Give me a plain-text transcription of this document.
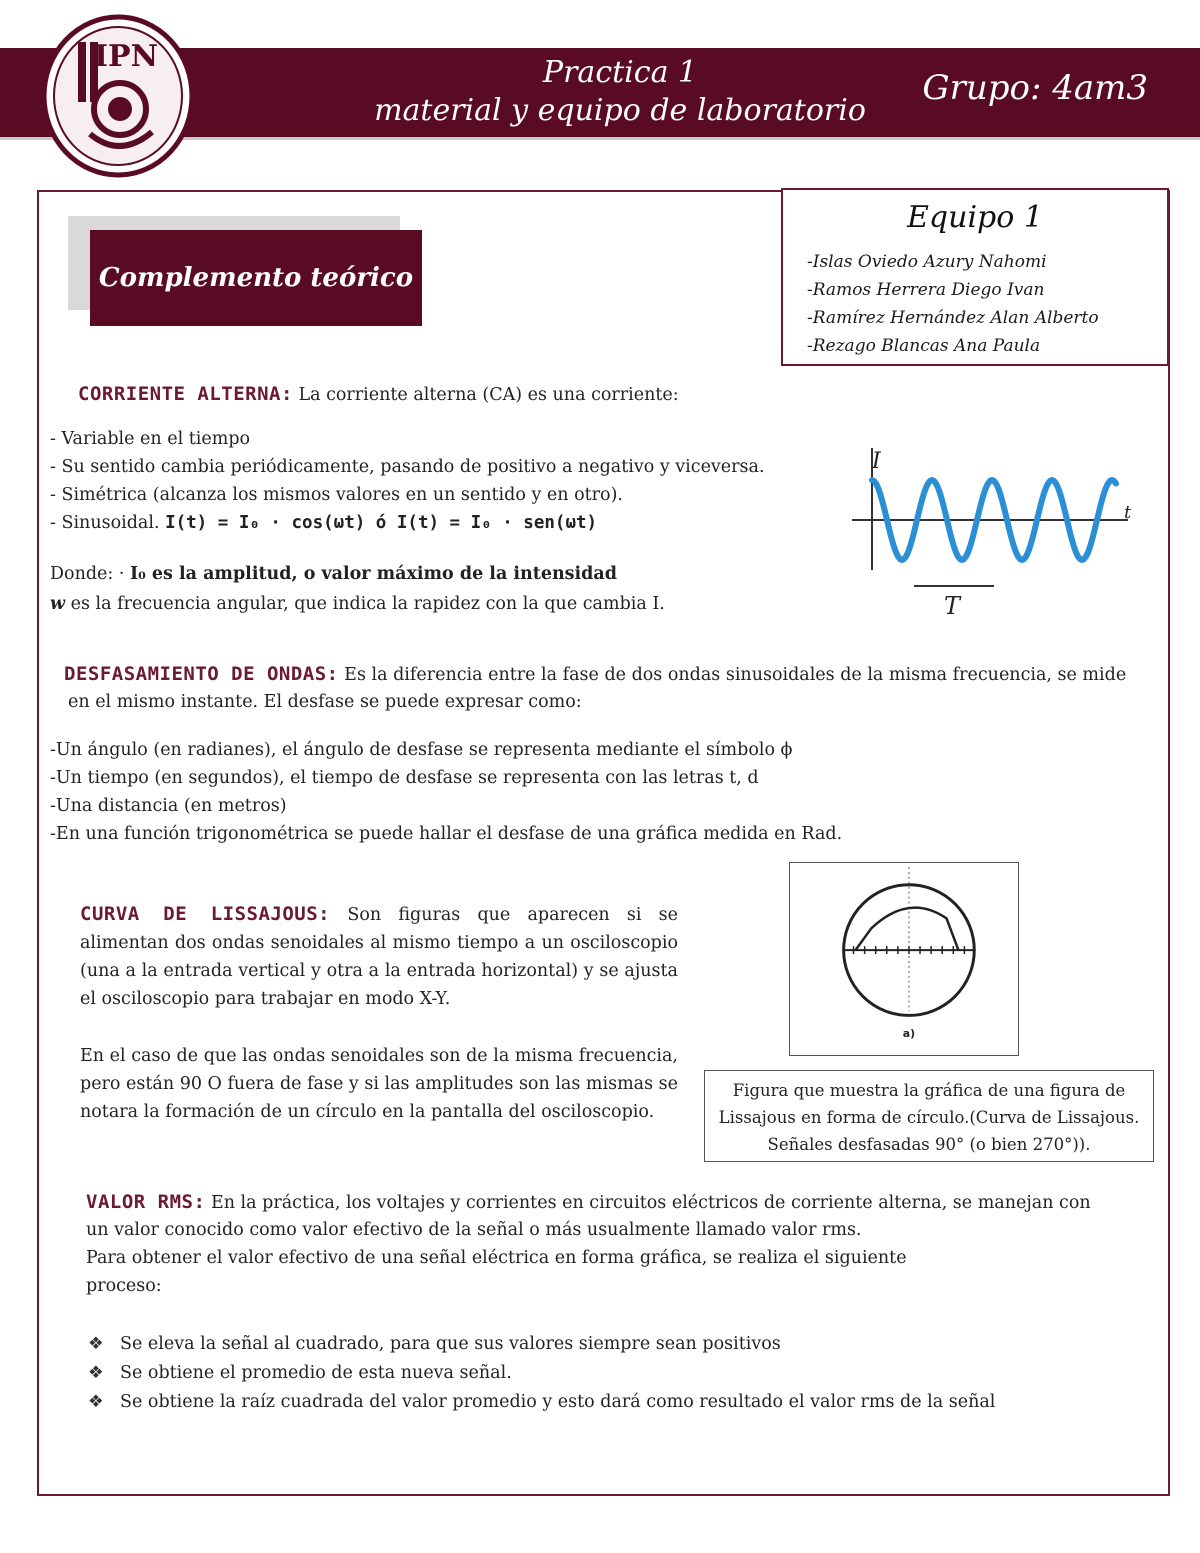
Practica 1
material y equipo de laboratorio
Grupo: 4am3
IPN
Equipo 1
-Islas Oviedo Azury Nahomi
-Ramos Herrera Diego Ivan
-Ramírez Hernández Alan Alberto
-Rezago Blancas Ana Paula
Complemento teórico
CORRIENTE ALTERNA: La corriente alterna (CA) es una corriente:
- Variable en el tiempo
- Su sentido cambia periódicamente, pasando de positivo a negativo y viceversa.
- Simétrica (alcanza los mismos valores en un sentido y en otro).
- Sinusoidal. I(t) = I₀ · cos(ωt) ó I(t) = I₀ · sen(ωt)
Donde: · I₀ es la amplitud, o valor máximo de la intensidad
w es la frecuencia angular, que indica la rapidez con la que cambia I.
I
t
T
DESFASAMIENTO DE ONDAS: Es la diferencia entre la fase de dos ondas sinusoidales de la misma frecuencia, se mide
en el mismo instante. El desfase se puede expresar como:
-Un ángulo (en radianes), el ángulo de desfase se representa mediante el símbolo ϕ
-Un tiempo (en segundos), el tiempo de desfase se representa con las letras t, d
-Una distancia (en metros)
-En una función trigonométrica se puede hallar el desfase de una gráfica medida en Rad.
CURVA DE LISSAJOUS: Son figuras que aparecen si se alimentan dos ondas senoidales al mismo tiempo a un osciloscopio (una a la entrada vertical y otra a la entrada horizontal) y se ajusta el osciloscopio para trabajar en modo X-Y.
En el caso de que las ondas senoidales son de la misma frecuencia, pero están 90 O fuera de fase y si las amplitudes son las mismas se notara la formación de un círculo en la pantalla del osciloscopio.
a)
Figura que muestra la gráfica de una figura de Lissajous en forma de círculo.(Curva de Lissajous. Señales desfasadas 90° (o bien 270°)).
VALOR RMS: En la práctica, los voltajes y corrientes en circuitos eléctricos de corriente alterna, se manejan con
un valor conocido como valor efectivo de la señal o más usualmente llamado valor rms.
Para obtener el valor efectivo de una señal eléctrica en forma gráfica, se realiza el siguiente
proceso:
❖ Se eleva la señal al cuadrado, para que sus valores siempre sean positivos
❖ Se obtiene el promedio de esta nueva señal.
❖ Se obtiene la raíz cuadrada del valor promedio y esto dará como resultado el valor rms de la señal
